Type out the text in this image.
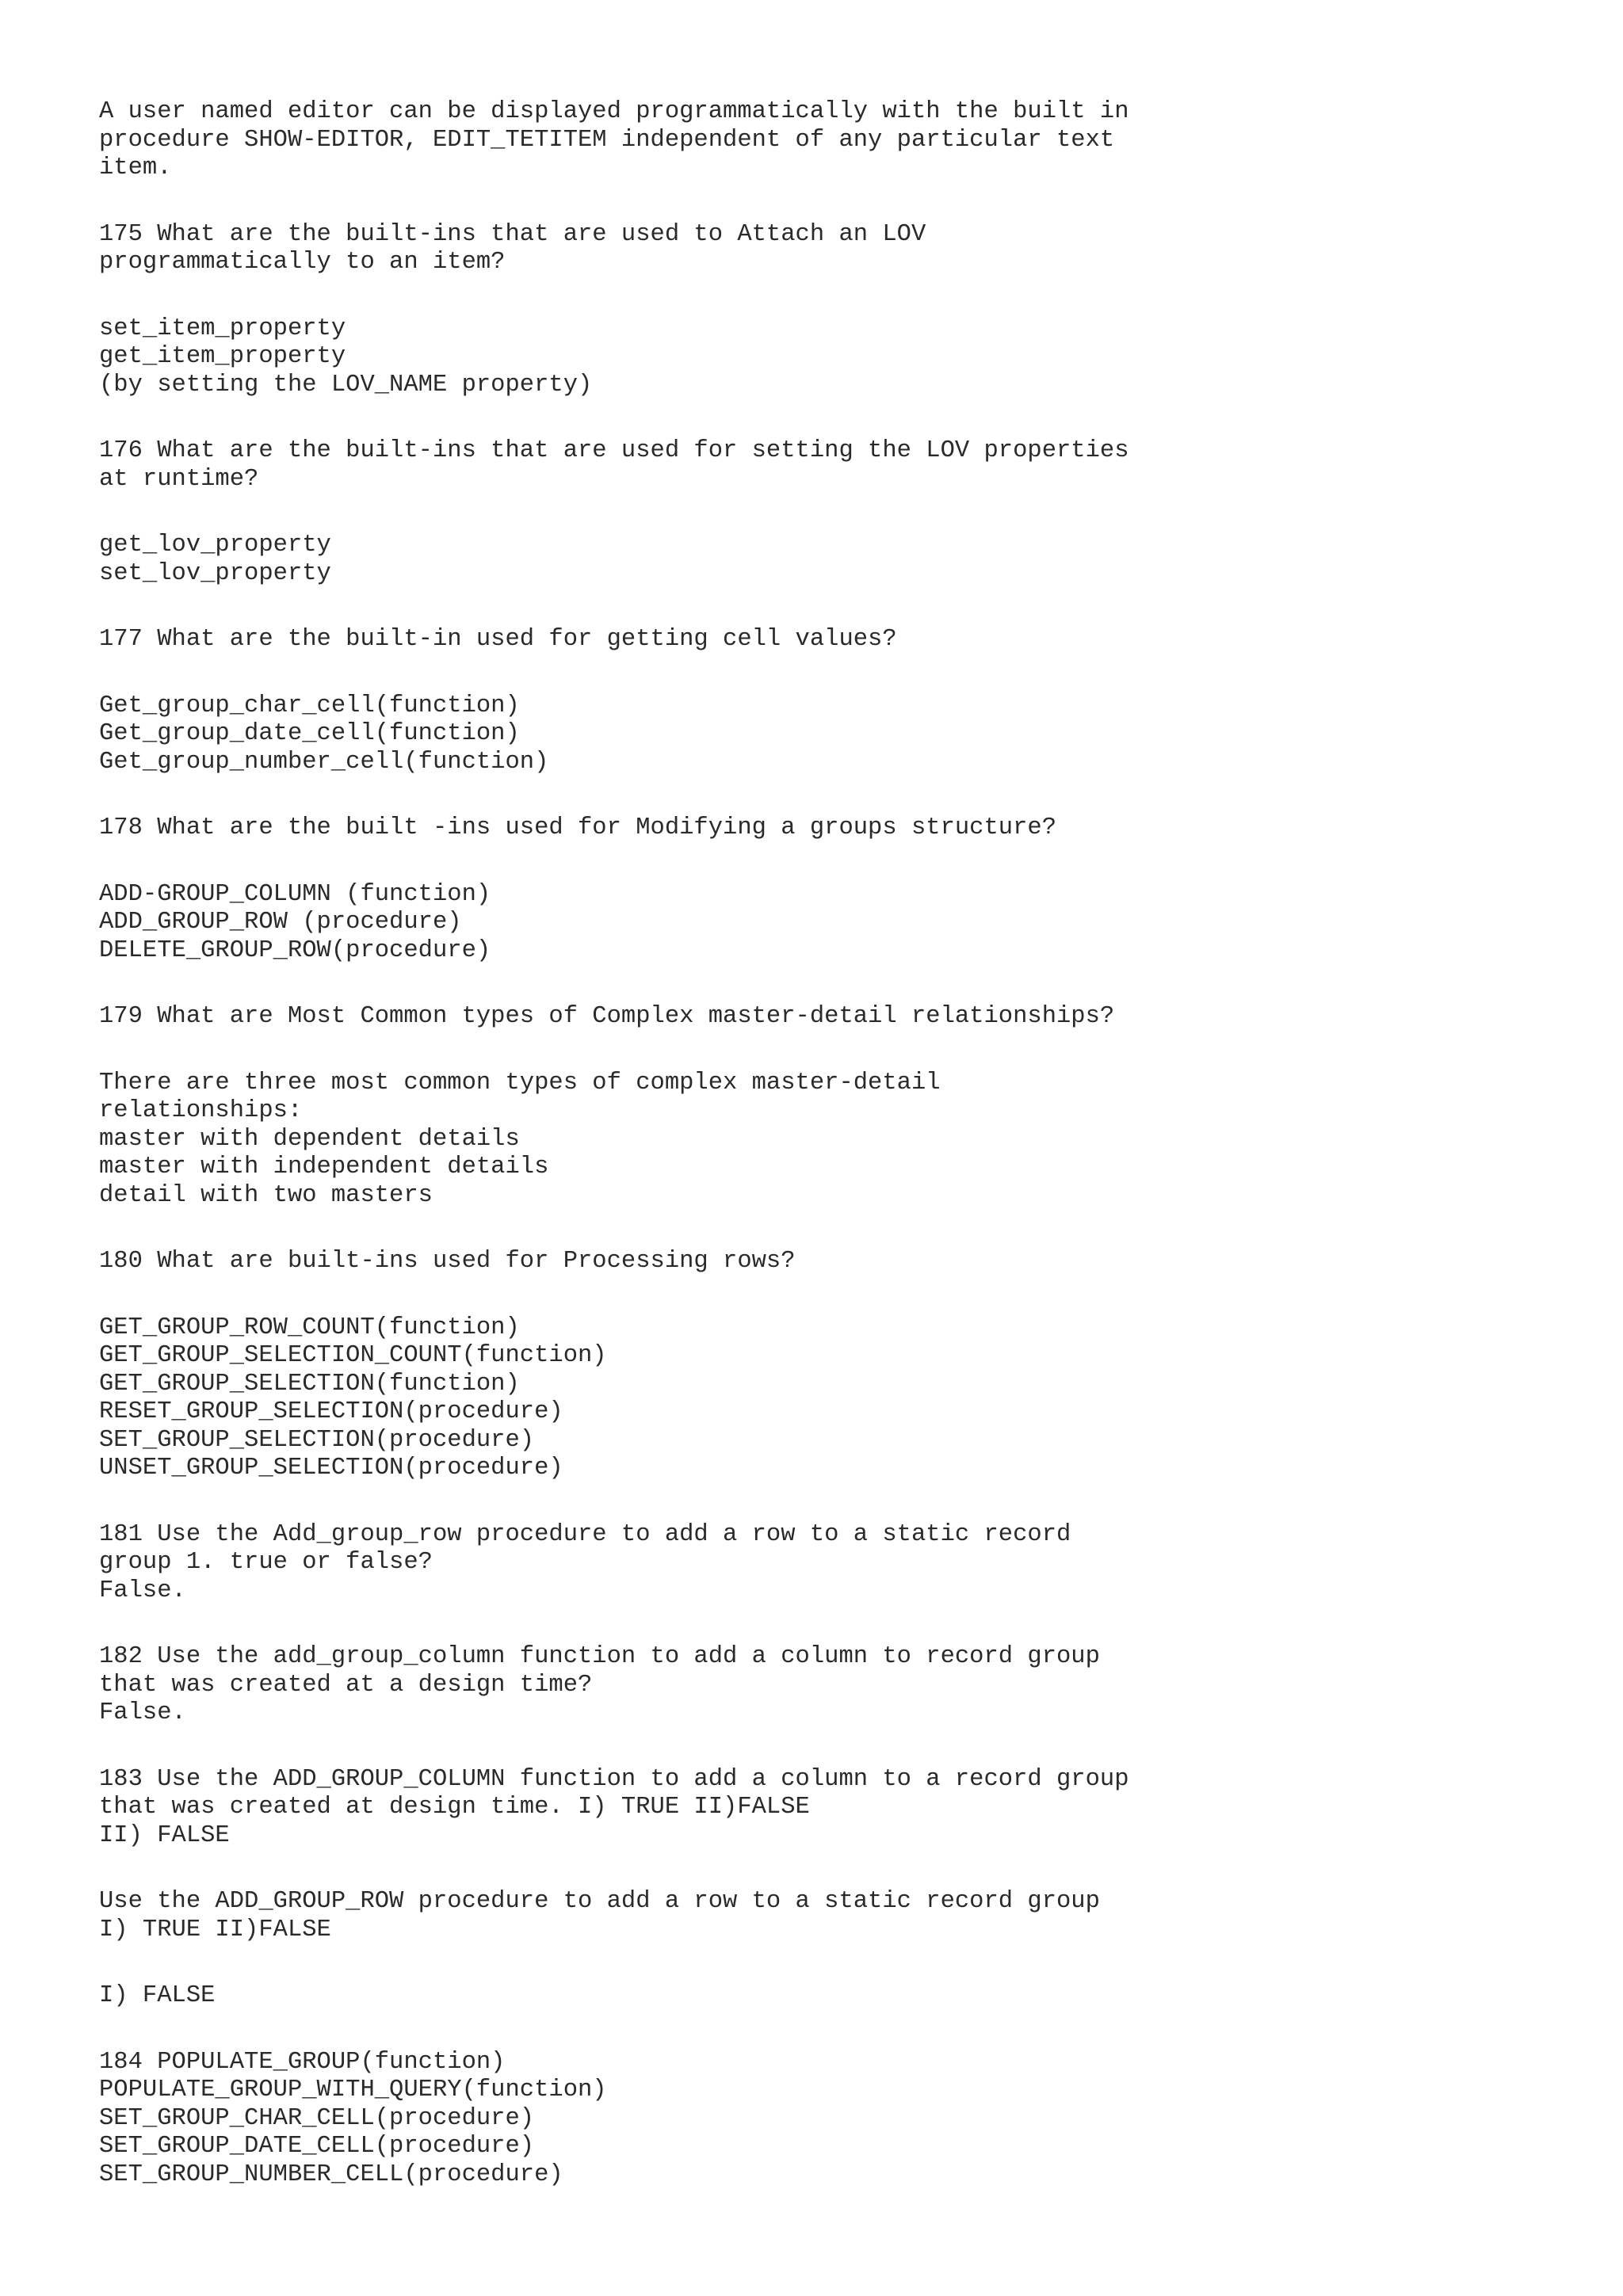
A user named editor can be displayed programmatically with the built in
procedure SHOW-EDITOR, EDIT_TETITEM independent of any particular text
item.
175 What are the built-ins that are used to Attach an LOV
programmatically to an item?
set_item_property
get_item_property
(by setting the LOV_NAME property)
176 What are the built-ins that are used for setting the LOV properties
at runtime?
get_lov_property
set_lov_property
177 What are the built-in used for getting cell values?
Get_group_char_cell(function)
Get_group_date_cell(function)
Get_group_number_cell(function)
178 What are the built -ins used for Modifying a groups structure?
ADD-GROUP_COLUMN (function)
ADD_GROUP_ROW (procedure)
DELETE_GROUP_ROW(procedure)
179 What are Most Common types of Complex master-detail relationships?
There are three most common types of complex master-detail
relationships:
master with dependent details
master with independent details
detail with two masters
180 What are built-ins used for Processing rows?
GET_GROUP_ROW_COUNT(function)
GET_GROUP_SELECTION_COUNT(function)
GET_GROUP_SELECTION(function)
RESET_GROUP_SELECTION(procedure)
SET_GROUP_SELECTION(procedure)
UNSET_GROUP_SELECTION(procedure)
181 Use the Add_group_row procedure to add a row to a static record
group 1. true or false?
False.
182 Use the add_group_column function to add a column to record group
that was created at a design time?
False.
183 Use the ADD_GROUP_COLUMN function to add a column to a record group
that was created at design time. I) TRUE II)FALSE
II) FALSE
Use the ADD_GROUP_ROW procedure to add a row to a static record group
I) TRUE II)FALSE
I) FALSE
184 POPULATE_GROUP(function)
POPULATE_GROUP_WITH_QUERY(function)
SET_GROUP_CHAR_CELL(procedure)
SET_GROUP_DATE_CELL(procedure)
SET_GROUP_NUMBER_CELL(procedure)
